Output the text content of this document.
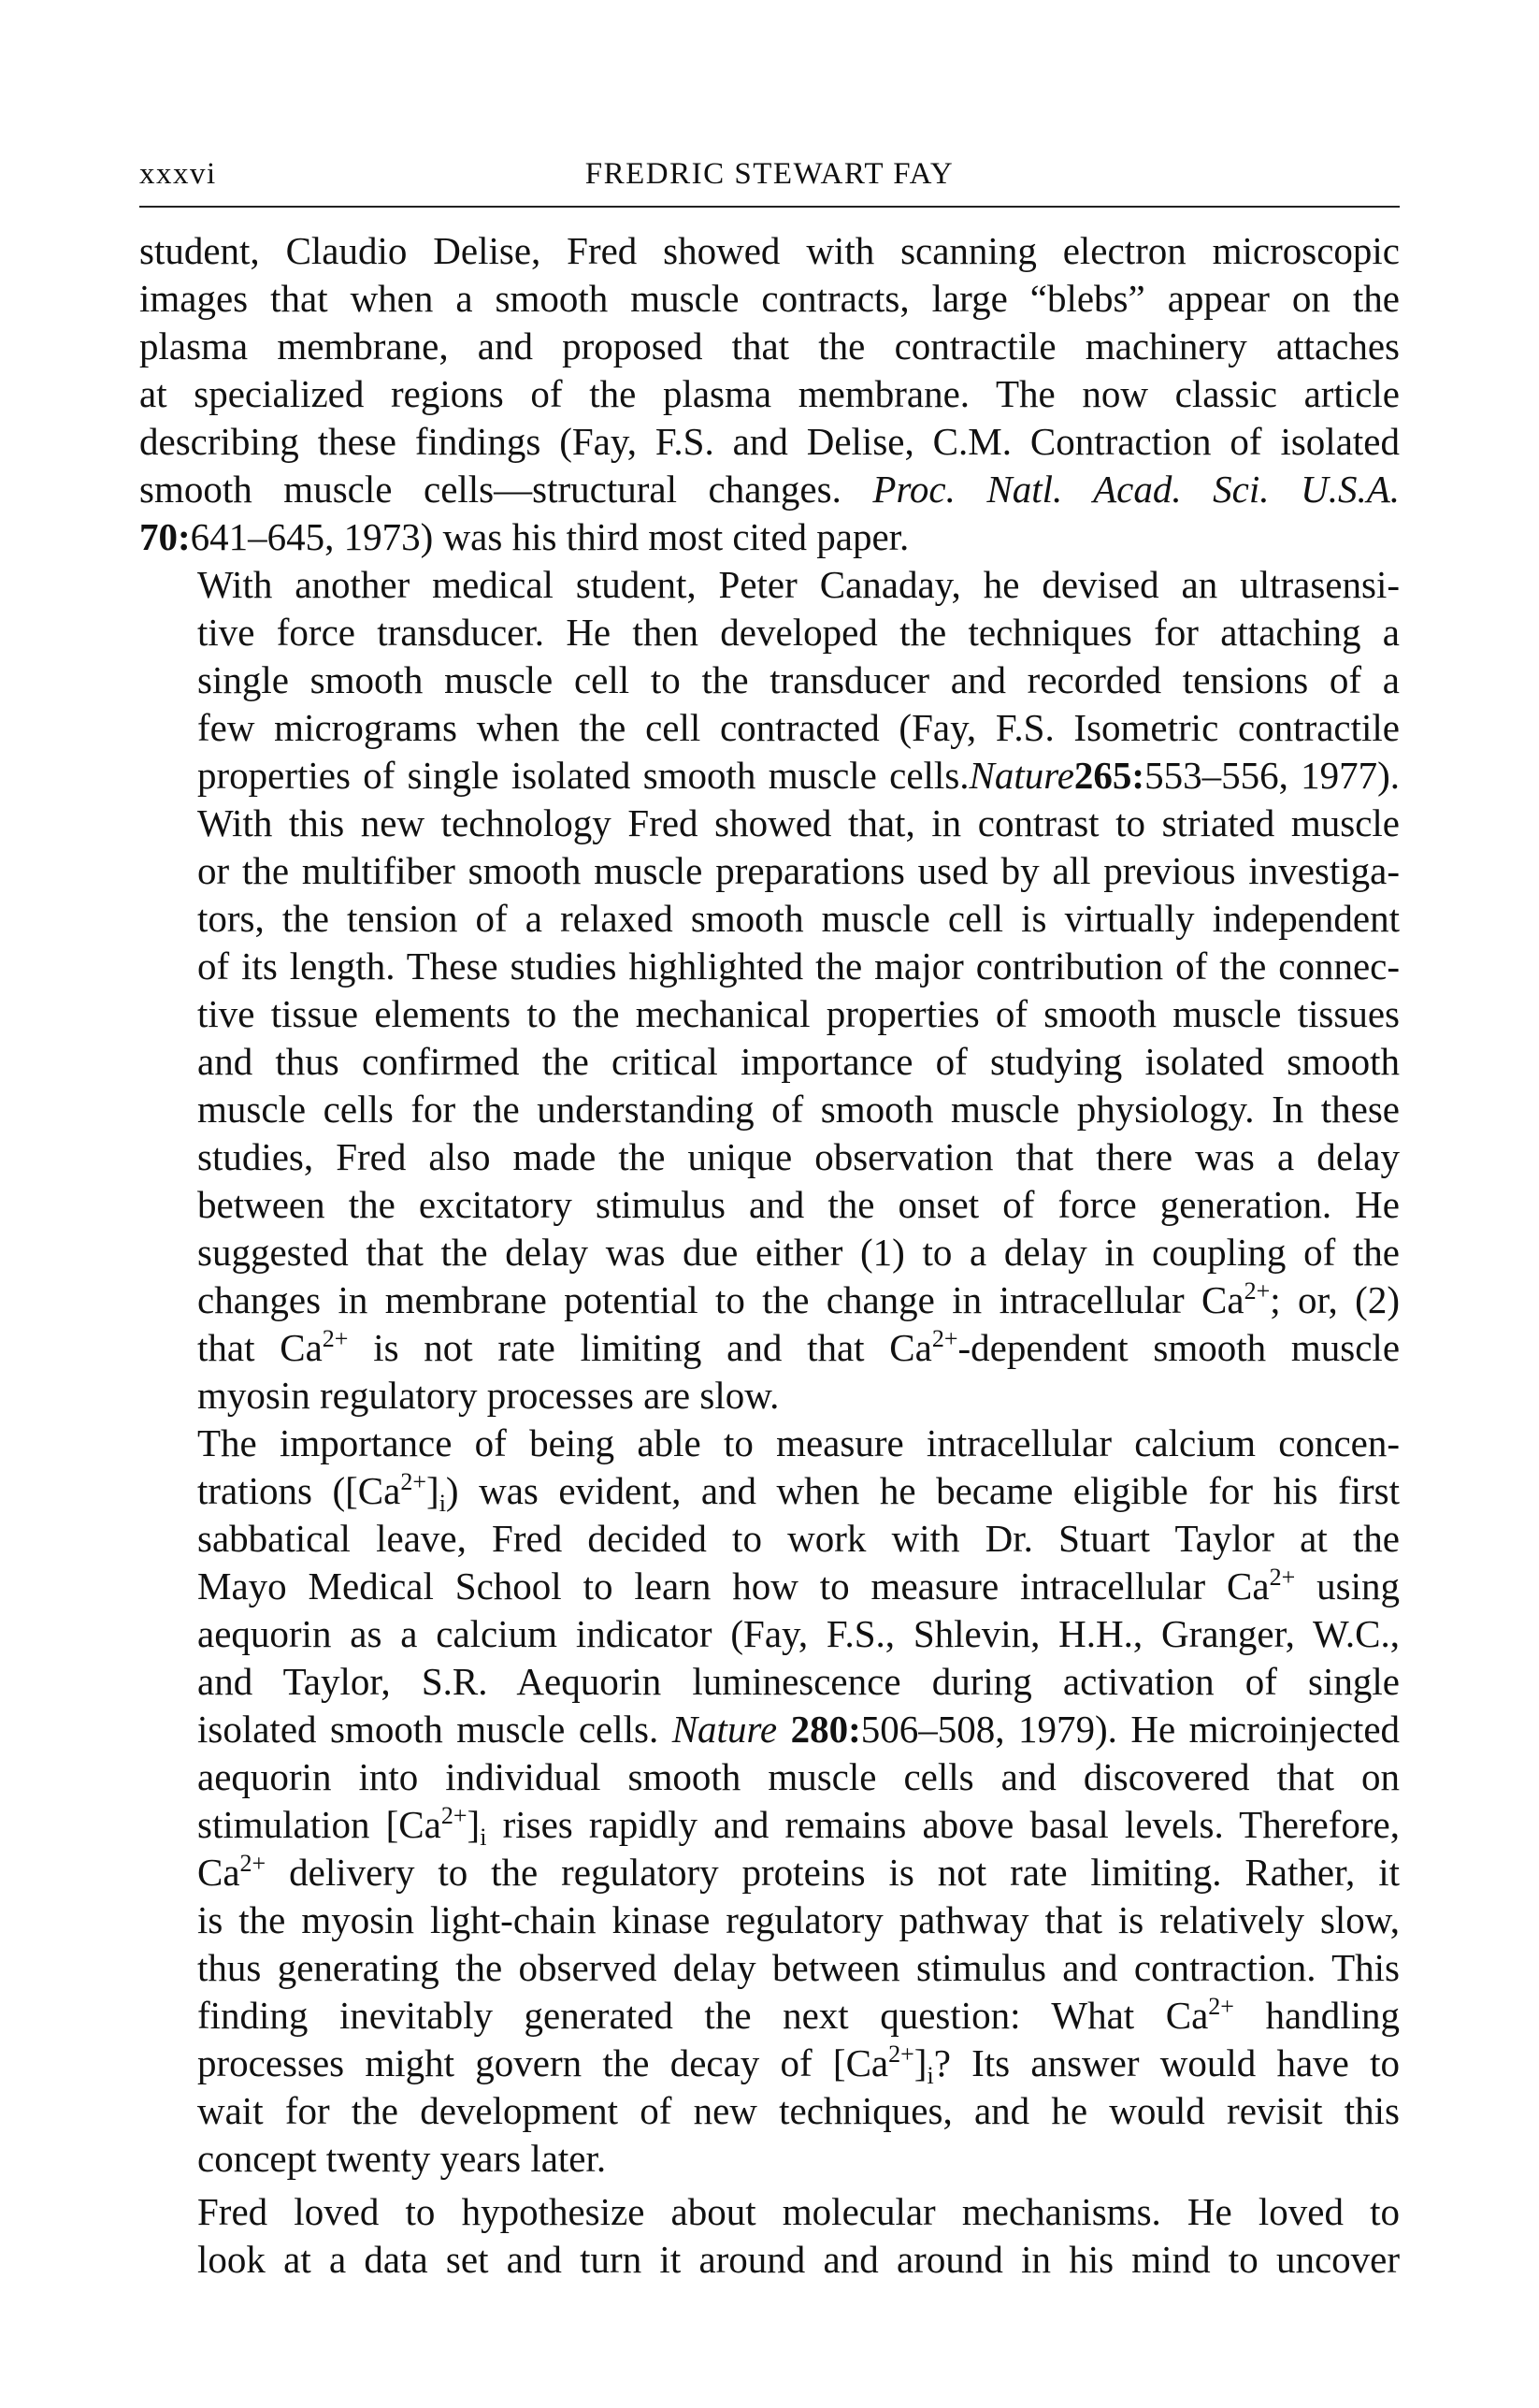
xxxvi	FREDRIC STEWART FAY

student, Claudio Delise, Fred showed with scanning electron microscopic
images that when a smooth muscle contracts, large “blebs” appear on the
plasma membrane, and proposed that the contractile machinery attaches
at specialized regions of the plasma membrane. The now classic article
describing these findings (Fay, F.S. and Delise, C.M. Contraction of isolated
smooth muscle cells—structural changes. Proc. Natl. Acad. Sci. U.S.A.
70:641–645, 1973) was his third most cited paper.

With another medical student, Peter Canaday, he devised an ultrasensi-
tive force transducer. He then developed the techniques for attaching a
single smooth muscle cell to the transducer and recorded tensions of a
few micrograms when the cell contracted (Fay, F.S. Isometric contractile
properties of single isolated smooth muscle cells.Nature265:553–556, 1977).
With this new technology Fred showed that, in contrast to striated muscle
or the multifiber smooth muscle preparations used by all previous investiga-
tors, the tension of a relaxed smooth muscle cell is virtually independent
of its length. These studies highlighted the major contribution of the connec-
tive tissue elements to the mechanical properties of smooth muscle tissues
and thus confirmed the critical importance of studying isolated smooth
muscle cells for the understanding of smooth muscle physiology. In these
studies, Fred also made the unique observation that there was a delay
between the excitatory stimulus and the onset of force generation. He
suggested that the delay was due either (1) to a delay in coupling of the
changes in membrane potential to the change in intracellular $Ca^{2+}$; or, (2)
that $Ca^{2+}$ is not rate limiting and that $Ca^{2+}$-dependent smooth muscle
myosin regulatory processes are slow.

The importance of being able to measure intracellular calcium concen-
trations $([Ca^{2+}]_i)$ was evident, and when he became eligible for his first
sabbatical leave, Fred decided to work with Dr. Stuart Taylor at the
Mayo Medical School to learn how to measure intracellular $Ca^{2+}$ using
aequorin as a calcium indicator (Fay, F.S., Shlevin, H.H., Granger, W.C.,
and Taylor, S.R. Aequorin luminescence during activation of single
isolated smooth muscle cells. Nature 280:506–508, 1979). He microinjected
aequorin into individual smooth muscle cells and discovered that on
stimulation $[Ca^{2+}]_i$ rises rapidly and remains above basal levels. Therefore,
$Ca^{2+}$ delivery to the regulatory proteins is not rate limiting. Rather, it
is the myosin light-chain kinase regulatory pathway that is relatively slow,
thus generating the observed delay between stimulus and contraction. This
finding inevitably generated the next question: What $Ca^{2+}$ handling
processes might govern the decay of $[Ca^{2+}]_i$? Its answer would have to
wait for the development of new techniques, and he would revisit this
concept twenty years later.

Fred loved to hypothesize about molecular mechanisms. He loved to
look at a data set and turn it around and around in his mind to uncover
